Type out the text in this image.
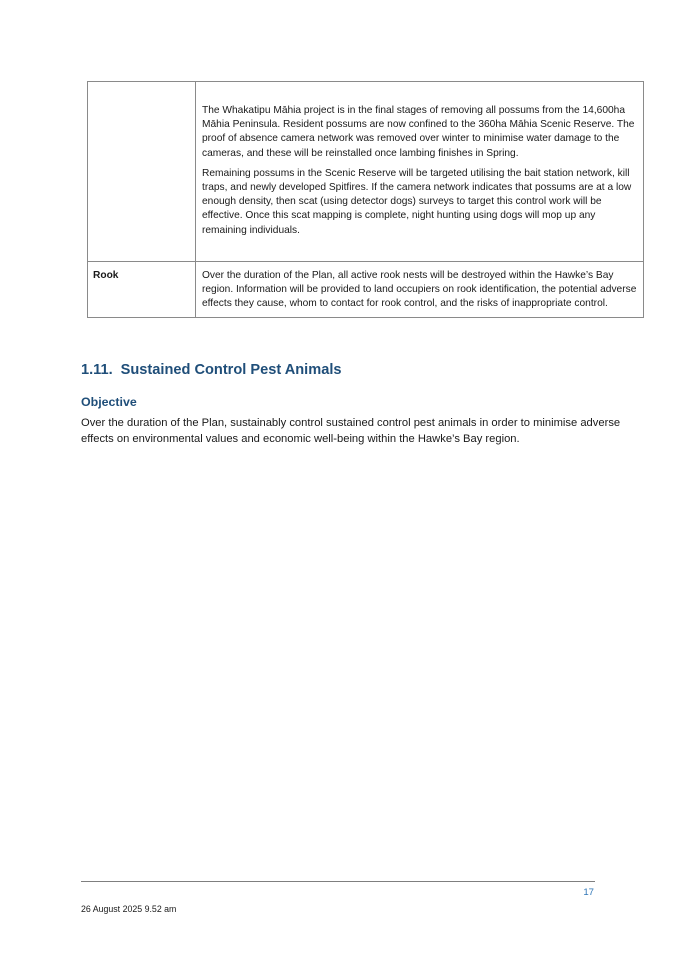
	The Whakatipu Māhia project is in the final stages of removing all possums from the 14,600ha Māhia Peninsula. Resident possums are now confined to the 360ha Māhia Scenic Reserve. The proof of absence camera network was removed over winter to minimise water damage to the cameras, and these will be reinstalled once lambing finishes in Spring.

Remaining possums in the Scenic Reserve will be targeted utilising the bait station network, kill traps, and newly developed Spitfires. If the camera network indicates that possums are at a low enough density, then scat (using detector dogs) surveys to target this control work will be effective. Once this scat mapping is complete, night hunting using dogs will mop up any remaining individuals.

Rook	Over the duration of the Plan, all active rook nests will be destroyed within the Hawke’s Bay region. Information will be provided to land occupiers on rook identification, the potential adverse effects they cause, whom to contact for rook control, and the risks of inappropriate control.

1.11. Sustained Control Pest Animals
Objective

Over the duration of the Plan, sustainably control sustained control pest animals in order to minimise adverse effects on environmental values and economic well-being within the Hawke’s Bay region.

17
26 August 2025 9.52 am
